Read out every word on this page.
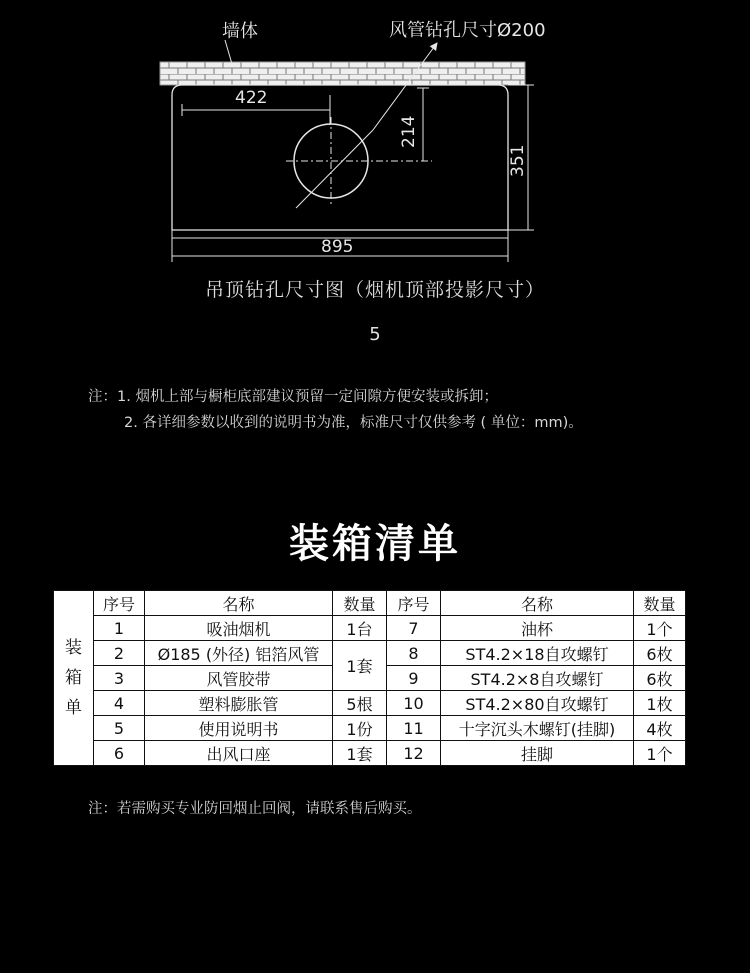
墙体
422
214
风管钻孔尺寸Ø200
351
895
吊顶钻孔尺寸图（烟机顶部投影尺寸）
5
注：1. 烟机上部与橱柜底部建议预留一定间隙方便安装或拆卸；
2. 各详细参数以收到的说明书为准，标准尺寸仅供参考 ( 单位：mm)。
装箱清单
装
箱
单	序号	名称	数量	序号	名称	数量
	1	吸油烟机	1台	7	油杯	1个
	2	Ø185 (外径) 铝箔风管	1套	8	ST4.2×18自攻螺钉	6枚
	3	风管胶带		9	ST4.2×8自攻螺钉	6枚
	4	塑料膨胀管	5根	10	ST4.2×80自攻螺钉	1枚
	5	使用说明书	1份	11	十字沉头木螺钉(挂脚)	4枚
	6	出风口座	1套	12	挂脚	1个
注：若需购买专业防回烟止回阀，请联系售后购买。
